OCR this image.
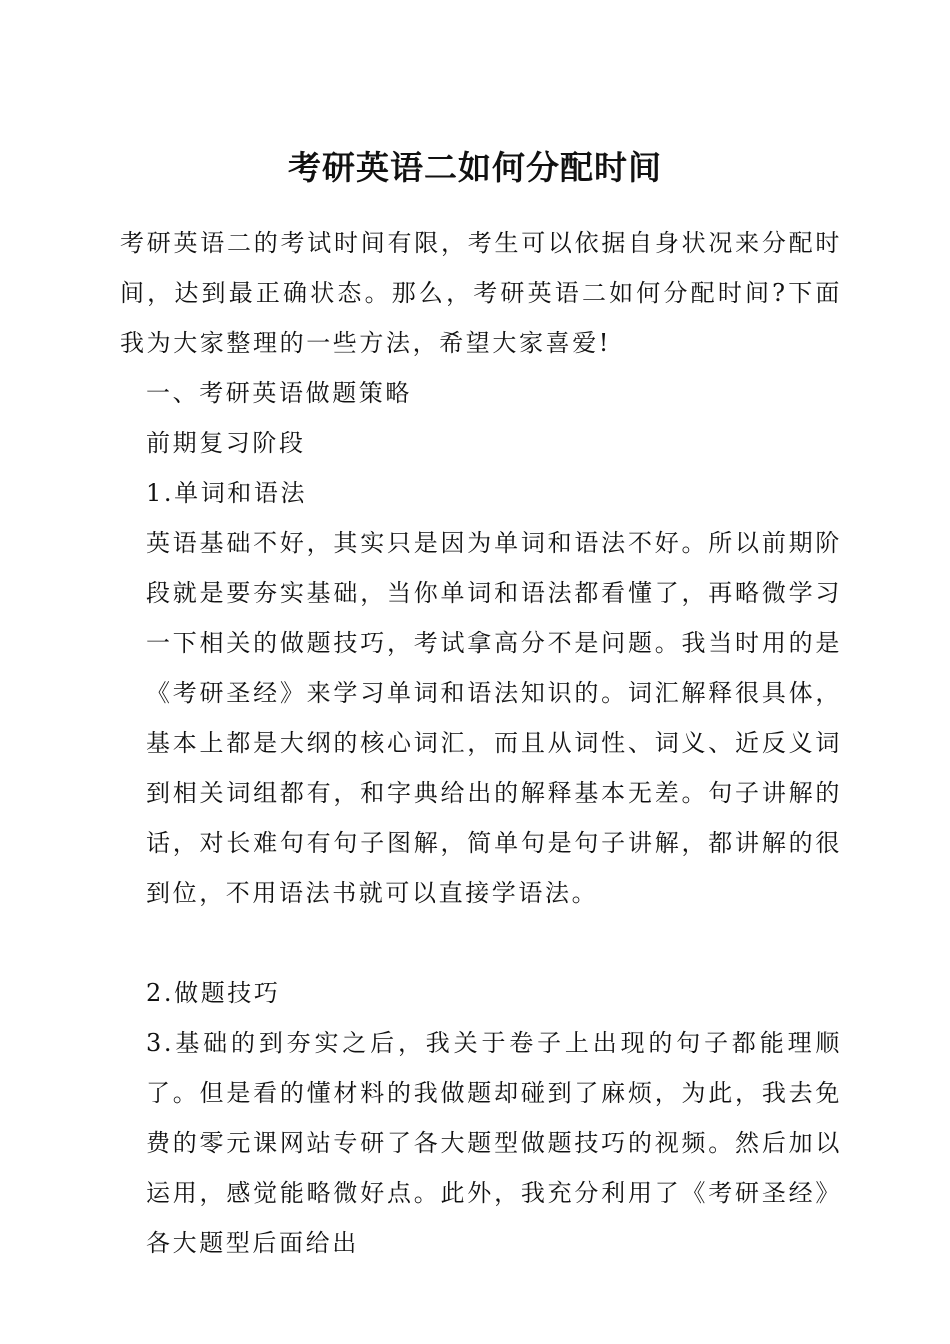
考研英语二如何分配时间

考研英语二的考试时间有限，考生可以依据自身状况来分配时间，达到最正确状态。那么，考研英语二如何分配时间?下面我为大家整理的一些方法，希望大家喜爱!

一、考研英语做题策略

前期复习阶段

1.单词和语法

英语基础不好，其实只是因为单词和语法不好。所以前期阶段就是要夯实基础，当你单词和语法都看懂了，再略微学习一下相关的做题技巧，考试拿高分不是问题。我当时用的是《考研圣经》来学习单词和语法知识的。词汇解释很具体，基本上都是大纲的核心词汇，而且从词性、词义、近反义词到相关词组都有，和字典给出的解释基本无差。句子讲解的话，对长难句有句子图解，简单句是句子讲解，都讲解的很到位，不用语法书就可以直接学语法。

2.做题技巧

3.基础的到夯实之后，我关于卷子上出现的句子都能理顺了。但是看的懂材料的我做题却碰到了麻烦，为此，我去免费的零元课网站专研了各大题型做题技巧的视频。然后加以运用，感觉能略微好点。此外，我充分利用了《考研圣经》各大题型后面给出
